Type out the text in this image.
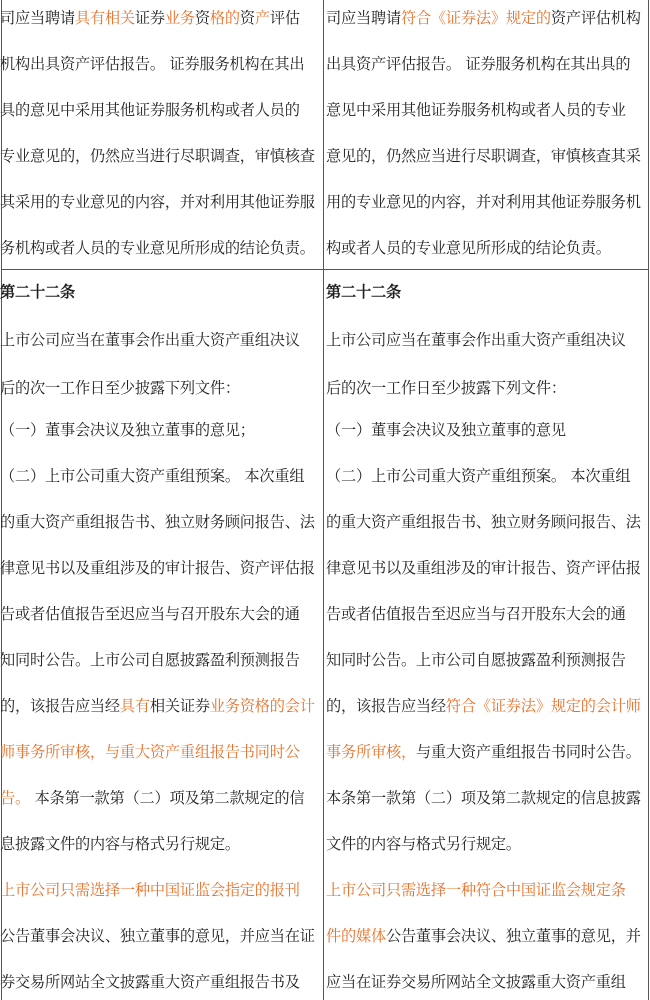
司应当聘请具有相关证券业务资格的资产评估
机构出具资产评估报告。 证券服务机构在其出
具的意见中采用其他证券服务机构或者人员的
专业意见的，仍然应当进行尽职调查，审慎核查
其采用的专业意见的内容，并对利用其他证券服
务机构或者人员的专业意见所形成的结论负责。
第二十二条
上市公司应当在董事会作出重大资产重组决议
后的次一工作日至少披露下列文件：
（一）董事会决议及独立董事的意见；
（二）上市公司重大资产重组预案。 本次重组
的重大资产重组报告书、独立财务顾问报告、法
律意见书以及重组涉及的审计报告、资产评估报
告或者估值报告至迟应当与召开股东大会的通
知同时公告。上市公司自愿披露盈利预测报告
的，该报告应当经具有相关证券业务资格的会计
师事务所审核，与重大资产重组报告书同时公
告。 本条第一款第（二）项及第二款规定的信
息披露文件的内容与格式另行规定。
上市公司只需选择一种中国证监会指定的报刊
公告董事会决议、独立董事的意见，并应当在证
券交易所网站全文披露重大资产重组报告书及
司应当聘请符合《证券法》规定的资产评估机构
出具资产评估报告。 证券服务机构在其出具的
意见中采用其他证券服务机构或者人员的专业
意见的，仍然应当进行尽职调查，审慎核查其采
用的专业意见的内容，并对利用其他证券服务机
构或者人员的专业意见所形成的结论负责。
第二十二条
上市公司应当在董事会作出重大资产重组决议
后的次一工作日至少披露下列文件：
（一）董事会决议及独立董事的意见
（二）上市公司重大资产重组预案。 本次重组
的重大资产重组报告书、独立财务顾问报告、法
律意见书以及重组涉及的审计报告、资产评估报
告或者估值报告至迟应当与召开股东大会的通
知同时公告。上市公司自愿披露盈利预测报告
的，该报告应当经符合《证券法》规定的会计师
事务所审核，与重大资产重组报告书同时公告。
本条第一款第（二）项及第二款规定的信息披露
文件的内容与格式另行规定。
上市公司只需选择一种符合中国证监会规定条
件的媒体公告董事会决议、独立董事的意见，并
应当在证券交易所网站全文披露重大资产重组
